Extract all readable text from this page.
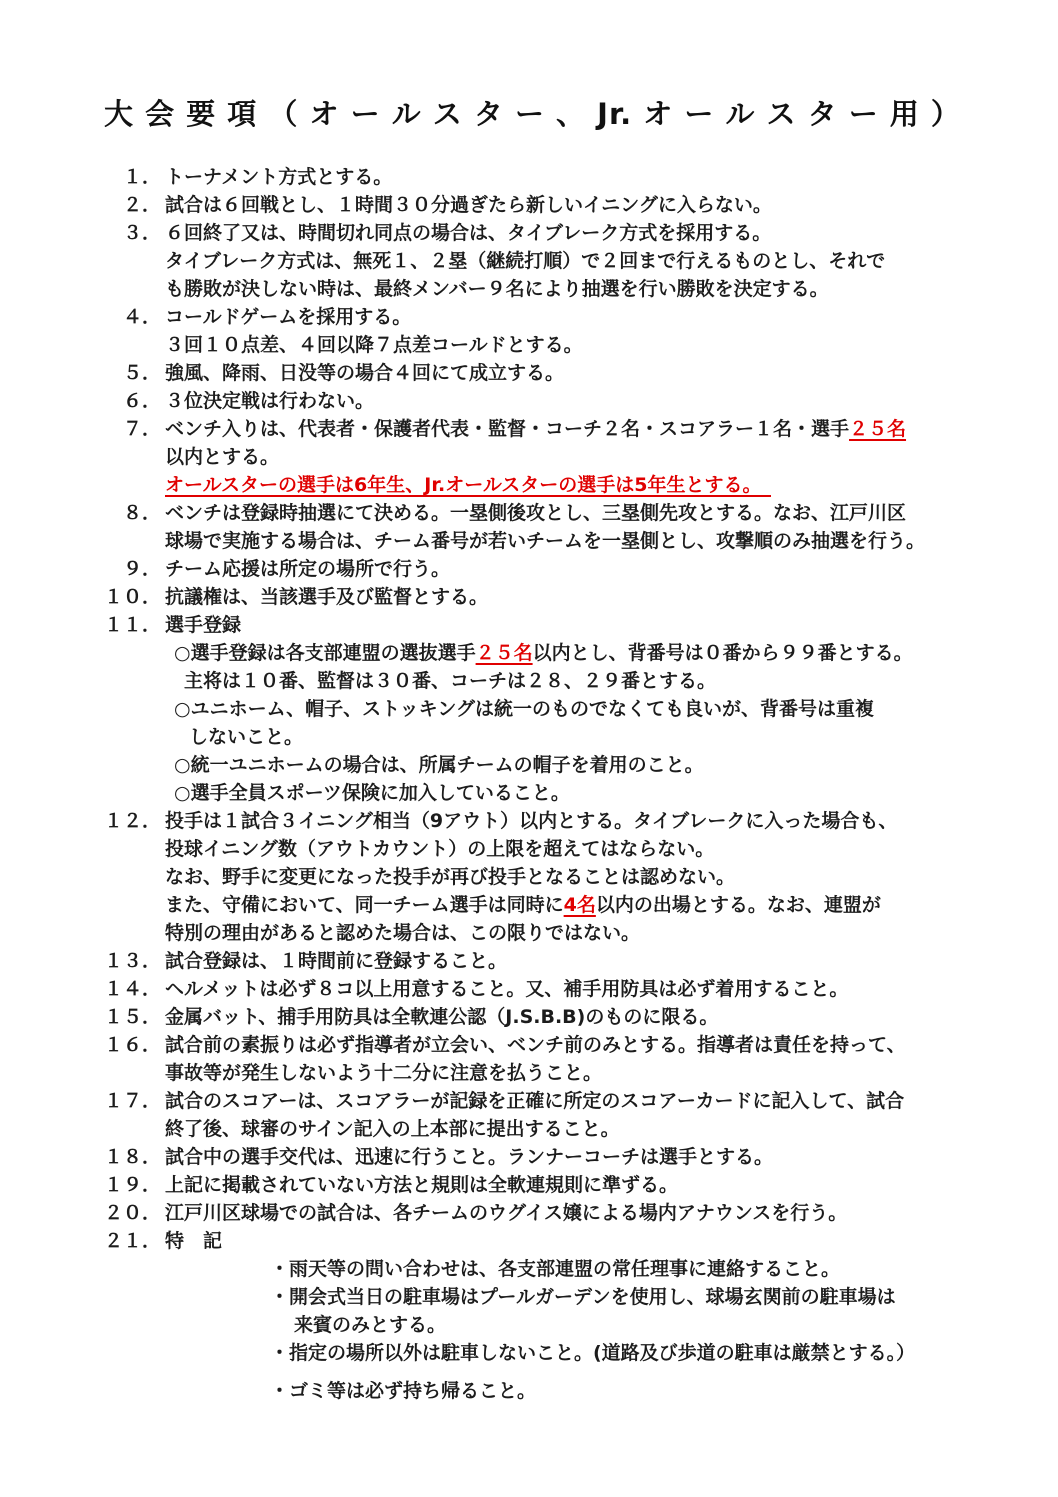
大 会 要 項 （ オ ー ル ス タ ー 、 Jr. オ ー ル ス タ ー 用 ）
　１． トーナメント方式とする。
　２． 試合は６回戦とし、１時間３０分過ぎたら新しいイニングに入らない。
　３． ６回終了又は、時間切れ同点の場合は、タイブレーク方式を採用する。
タイブレーク方式は、無死１、２塁（継続打順）で２回まで行えるものとし、それで
も勝敗が決しない時は、最終メンバー９名により抽選を行い勝敗を決定する。
　４． コールドゲームを採用する。
３回１０点差、４回以降７点差コールドとする。
　５． 強風、降雨、日没等の場合４回にて成立する。
　６． ３位決定戦は行わない。
　７． ベンチ入りは、代表者・保護者代表・監督・コーチ２名・スコアラー１名・選手２５名
以内とする。
オールスターの選手は6年生、Jr.オールスターの選手は5年生とする。　
　８． ベンチは登録時抽選にて決める。一塁側後攻とし、三塁側先攻とする。なお、江戸川区
球場で実施する場合は、チーム番号が若いチームを一塁側とし、攻撃順のみ抽選を行う。
　９． チーム応援は所定の場所で行う。
１０． 抗議権は、当該選手及び監督とする。
１１． 選手登録
○選手登録は各支部連盟の選抜選手２５名以内とし、背番号は０番から９９番とする。
主将は１０番、監督は３０番、コーチは２８、２９番とする。
○ユニホーム、帽子、ストッキングは統一のものでなくても良いが、背番号は重複
しないこと。
○統一ユニホームの場合は、所属チームの帽子を着用のこと。
○選手全員スポーツ保険に加入していること。
１２． 投手は１試合３イニング相当（9アウト）以内とする。タイブレークに入った場合も、
投球イニング数（アウトカウント）の上限を超えてはならない。
なお、野手に変更になった投手が再び投手となることは認めない。
また、守備において、同一チーム選手は同時に4名以内の出場とする。なお、連盟が
特別の理由があると認めた場合は、この限りではない。
１３． 試合登録は、１時間前に登録すること。
１４． ヘルメットは必ず８コ以上用意すること。又、補手用防具は必ず着用すること。
１５． 金属バット、捕手用防具は全軟連公認（J.S.B.B)のものに限る。
１６． 試合前の素振りは必ず指導者が立会い、ベンチ前のみとする。指導者は責任を持って、
事故等が発生しないよう十二分に注意を払うこと。
１７． 試合のスコアーは、スコアラーが記録を正確に所定のスコアーカードに記入して、試合
終了後、球審のサイン記入の上本部に提出すること。
１８． 試合中の選手交代は、迅速に行うこと。ランナーコーチは選手とする。
１９． 上記に掲載されていない方法と規則は全軟連規則に準ずる。
２０． 江戸川区球場での試合は、各チームのウグイス嬢による場内アナウンスを行う。
２１． 特　記
・雨天等の問い合わせは、各支部連盟の常任理事に連絡すること。
・開会式当日の駐車場はプールガーデンを使用し、球場玄関前の駐車場は
来賓のみとする。
・指定の場所以外は駐車しないこと。(道路及び歩道の駐車は厳禁とする。）
・ゴミ等は必ず持ち帰ること。
